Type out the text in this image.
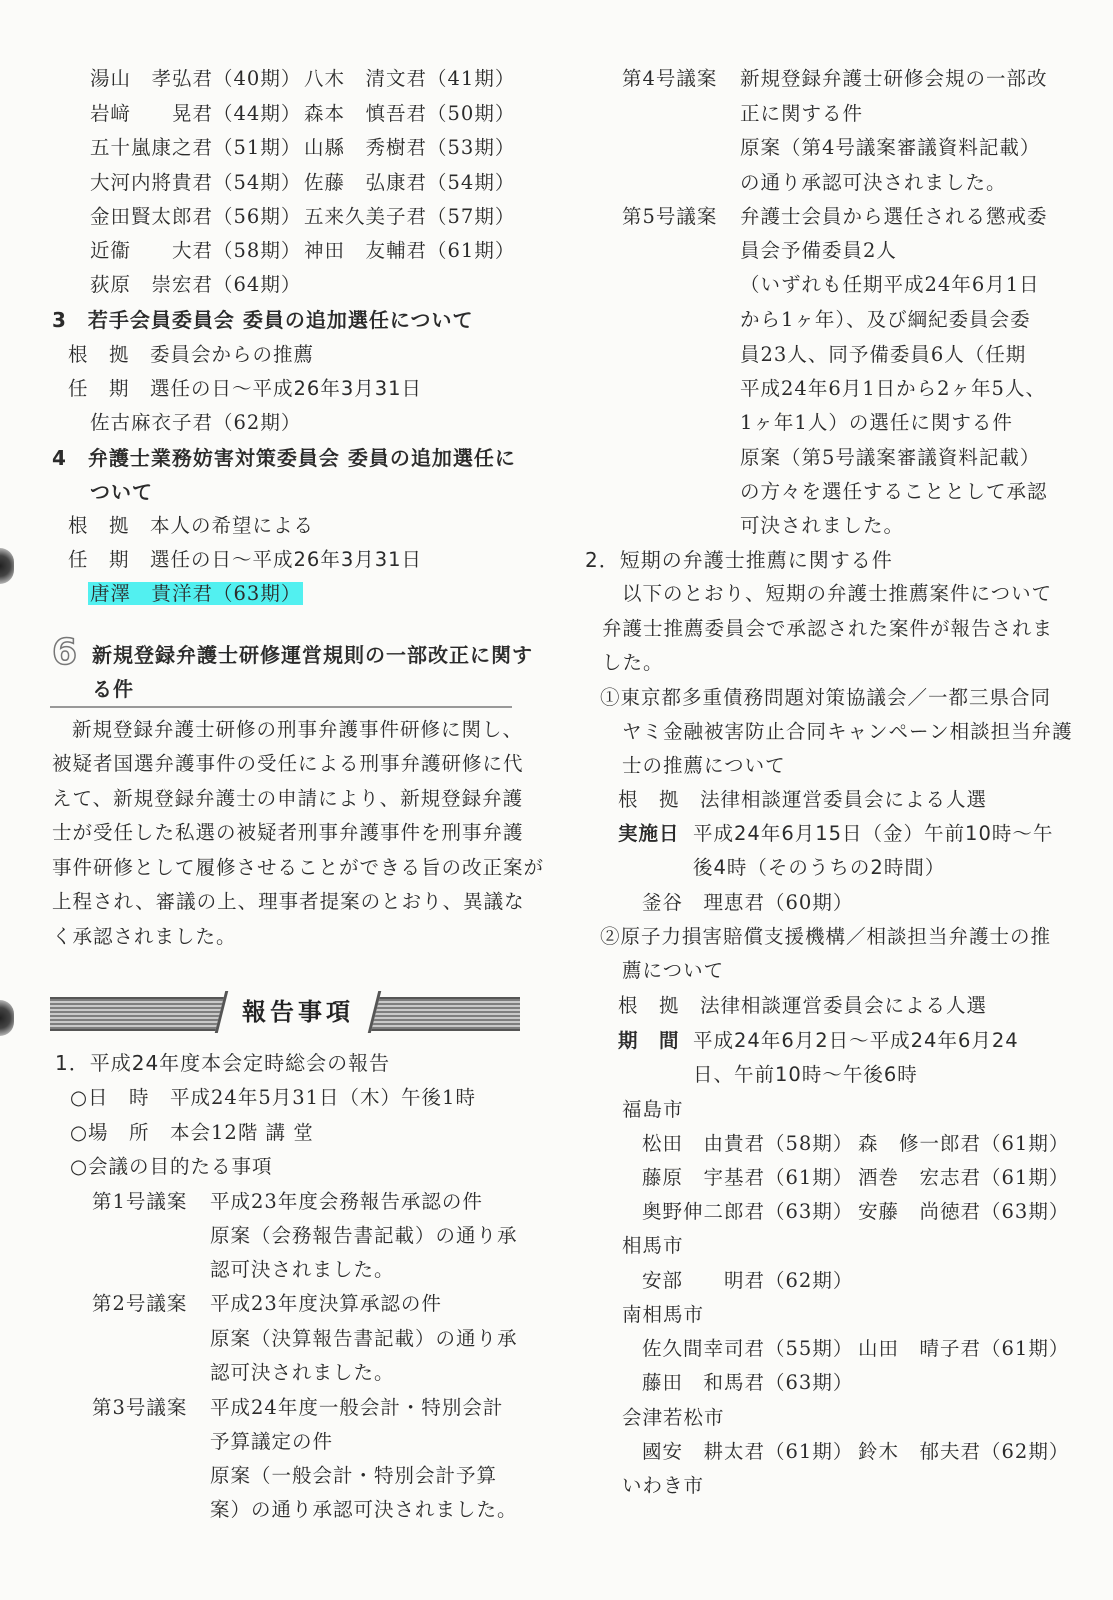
湯山　孝弘君（40期） 八木　清文君（41期）
岩﨑　　晃君（44期） 森本　慎吾君（50期）
五十嵐康之君（51期） 山縣　秀樹君（53期）
大河内將貴君（54期） 佐藤　弘康君（54期）
金田賢太郎君（56期） 五来久美子君（57期）
近衞　　大君（58期） 神田　友輔君（61期）
荻原　崇宏君（64期）
3　若手会員委員会 委員の追加選任について
根　拠　委員会からの推薦
任　期　選任の日～平成26年3月31日
佐古麻衣子君（62期）
4　弁護士業務妨害対策委員会 委員の追加選任に
ついて
根　拠　本人の希望による
任　期　選任の日～平成26年3月31日
唐澤　貴洋君（63期）
6 新規登録弁護士研修運営規則の一部改正に関す
る件
新規登録弁護士研修の刑事弁護事件研修に関し、
被疑者国選弁護事件の受任による刑事弁護研修に代
えて、新規登録弁護士の申請により、新規登録弁護
士が受任した私選の被疑者刑事弁護事件を刑事弁護
事件研修として履修させることができる旨の改正案が
上程され、審議の上、理事者提案のとおり、異議な
く承認されました。
報告事項
1．平成24年度本会定時総会の報告
○日　時　平成24年5月31日（木）午後1時
○場　所　本会12階 講 堂
○会議の目的たる事項
第1号議案 平成23年度会務報告承認の件
原案（会務報告書記載）の通り承
認可決されました。
第2号議案 平成23年度決算承認の件
原案（決算報告書記載）の通り承
認可決されました。
第3号議案 平成24年度一般会計・特別会計
予算議定の件
原案（一般会計・特別会計予算
案）の通り承認可決されました。
第4号議案 新規登録弁護士研修会規の一部改
正に関する件
原案（第4号議案審議資料記載）
の通り承認可決されました。
第5号議案 弁護士会員から選任される懲戒委
員会予備委員2人
（いずれも任期平成24年6月1日
から1ヶ年）、及び綱紀委員会委
員23人、同予備委員6人（任期
平成24年6月1日から2ヶ年5人、
1ヶ年1人）の選任に関する件
原案（第5号議案審議資料記載）
の方々を選任することとして承認
可決されました。
2．短期の弁護士推薦に関する件
以下のとおり、短期の弁護士推薦案件について
弁護士推薦委員会で承認された案件が報告されま
した。
①東京都多重債務問題対策協議会／一都三県合同
ヤミ金融被害防止合同キャンペーン相談担当弁護
士の推薦について
根　拠　法律相談運営委員会による人選
実施日 平成24年6月15日（金）午前10時～午
後4時（そのうちの2時間）
釜谷　理恵君（60期）
②原子力損害賠償支援機構／相談担当弁護士の推
薦について
根　拠　法律相談運営委員会による人選
期　間 平成24年6月2日～平成24年6月24
日、午前10時～午後6時
福島市
松田　由貴君（58期） 森　修一郎君（61期）
藤原　宇基君（61期） 酒巻　宏志君（61期）
奥野伸二郎君（63期） 安藤　尚徳君（63期）
相馬市
安部　　明君（62期）
南相馬市
佐久間幸司君（55期） 山田　晴子君（61期）
藤田　和馬君（63期）
会津若松市
國安　耕太君（61期） 鈴木　郁夫君（62期）
いわき市
